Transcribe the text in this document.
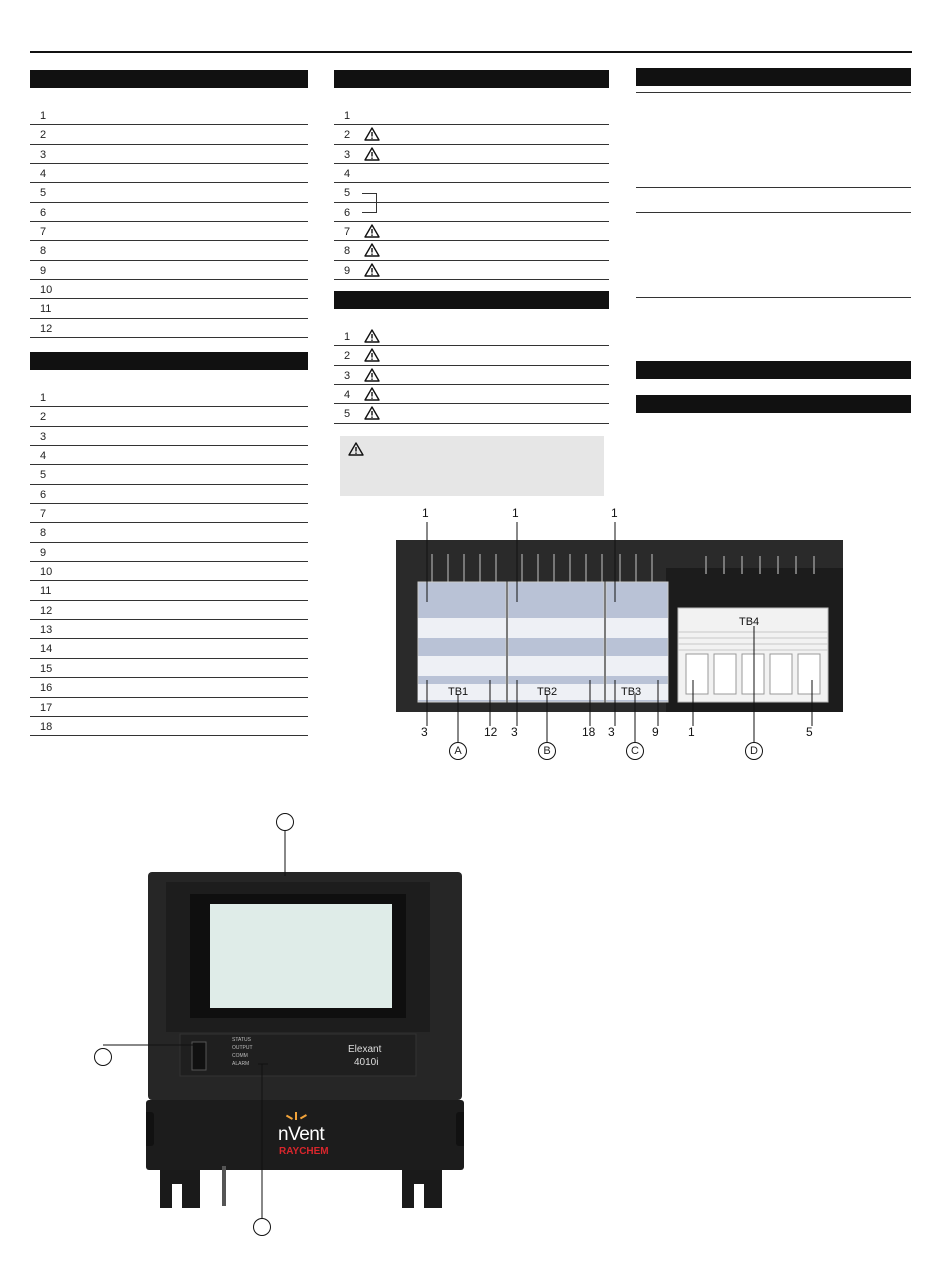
1
2
3
4
5
6
7
8
9
10
11
12
1
2
3
4
5
6
7
8
9
10
11
12
13
14
15
16
17
18
1
2
3
4
5
6
7
8
9
1
2
3
4
5
1	1	1
TB1	TB2	TB3
TB4
3	12 3	18 3	9 1	5
A	B	C	D
STATUS
OUTPUT
COMM
ALARM
Elexant
4010i
nVent
RAYCHEM
